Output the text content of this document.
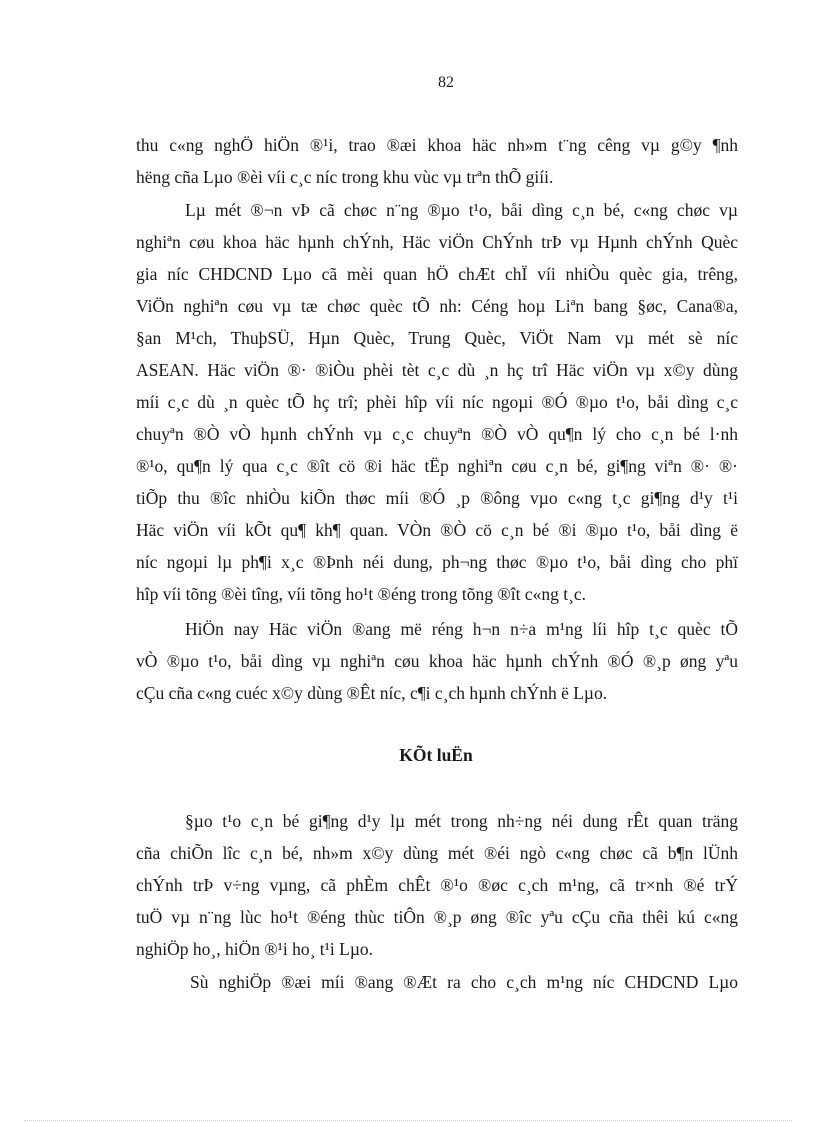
82
thu c«ng nghÖ hiÖn ®¹i, trao ®æi khoa häc nh»m t¨ng cêng vµ g©y ¶nh
hëng cña Lµo ®èi víi c¸c níc trong khu vùc vµ trªn thÕ giíi.
Lµ mét ®¬n vÞ cã chøc n¨ng ®µo t¹o, båi dìng c¸n bé, c«ng chøc vµ
nghiªn cøu khoa häc hµnh chÝnh, Häc viÖn ChÝnh trÞ vµ Hµnh chÝnh Quèc
gia níc CHDCND Lµo cã mèi quan hÖ chÆt chÏ víi nhiÒu quèc gia, trêng,
ViÖn nghiªn cøu vµ tæ chøc quèc tÕ nh: Céng hoµ Liªn bang §øc, Cana®a,
§an M¹ch, ThuþSÜ, Hµn Quèc, Trung Quèc, ViÖt Nam vµ mét sè níc
ASEAN. Häc viÖn ®· ®iÒu phèi tèt c¸c dù ¸n hç trî Häc viÖn vµ x©y dùng
míi c¸c dù ¸n quèc tÕ hç trî; phèi hîp víi níc ngoµi ®Ó ®µo t¹o, båi dìng c¸c
chuyªn ®Ò vÒ hµnh chÝnh vµ c¸c chuyªn ®Ò vÒ qu¶n lý cho c¸n bé l·nh
®¹o, qu¶n lý qua c¸c ®ît cö ®i häc tËp nghiªn cøu c¸n bé, gi¶ng viªn ®· ®·
tiÕp thu ®îc nhiÒu kiÕn thøc míi ®Ó ¸p ®ông vµo c«ng t¸c gi¶ng d¹y t¹i
Häc viÖn víi kÕt qu¶ kh¶ quan. VÒn ®Ò cö c¸n bé ®i ®µo t¹o, båi dìng ë
níc ngoµi lµ ph¶i x¸c ®Þnh néi dung, ph¬ng thøc ®µo t¹o, båi dìng cho phï
hîp víi tõng ®èi tîng, víi tõng ho¹t ®éng trong tõng ®ît c«ng t¸c.
HiÖn nay Häc viÖn ®ang më réng h¬n n÷a m¹ng líi hîp t¸c quèc tÕ
vÒ ®µo t¹o, båi dìng vµ nghiªn cøu khoa häc hµnh chÝnh ®Ó ®¸p øng yªu
cÇu cña c«ng cuéc x©y dùng ®Êt níc, c¶i c¸ch hµnh chÝnh ë Lµo.
KÕt luËn
§µo t¹o c¸n bé gi¶ng d¹y lµ mét trong nh÷ng néi dung rÊt quan träng
cña chiÕn lîc c¸n bé, nh»m x©y dùng mét ®éi ngò c«ng chøc cã b¶n lÜnh
chÝnh trÞ v÷ng vµng, cã phÈm chÊt ®¹o ®øc c¸ch m¹ng, cã tr×nh ®é trÝ
tuÖ vµ n¨ng lùc ho¹t ®éng thùc tiÔn ®¸p øng ®îc yªu cÇu cña thêi kú c«ng
nghiÖp ho¸, hiÖn ®¹i ho¸ t¹i Lµo.
Sù nghiÖp ®æi míi ®ang ®Æt ra cho c¸ch m¹ng níc CHDCND Lµo
